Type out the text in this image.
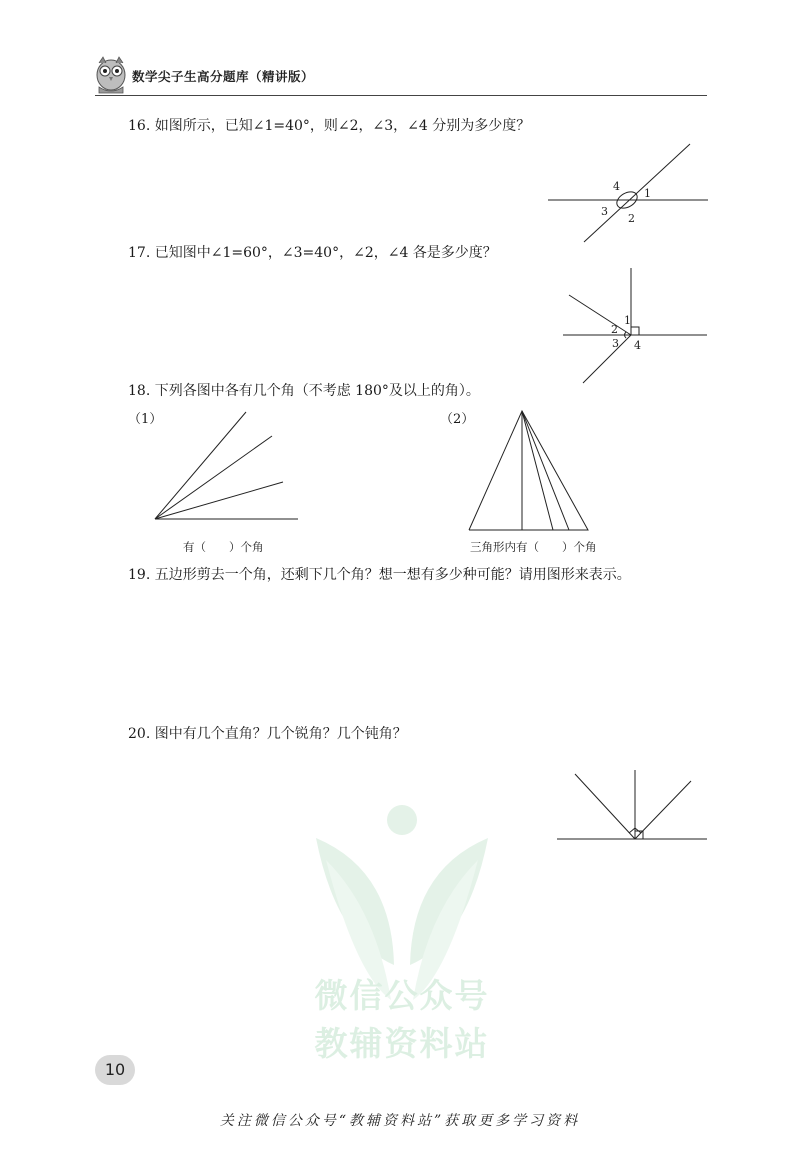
数学尖子生高分题库（精讲版）
16. 如图所示，已知∠1=40°，则∠2，∠3，∠4 分别为多少度？
4
1
3
2
17. 已知图中∠1=60°，∠3=40°，∠2，∠4 各是多少度？
1
2
3 4
18. 下列各图中各有几个角（不考虑 180°及以上的角）。
（1）
有（　　）个角
（2）
三角形内有（　　）个角
19. 五边形剪去一个角，还剩下几个角？想一想有多少种可能？请用图形来表示。
20. 图中有几个直角？几个锐角？几个钝角？
微信公众号
教辅资料站
10
关注微信公众号“教辅资料站”获取更多学习资料
